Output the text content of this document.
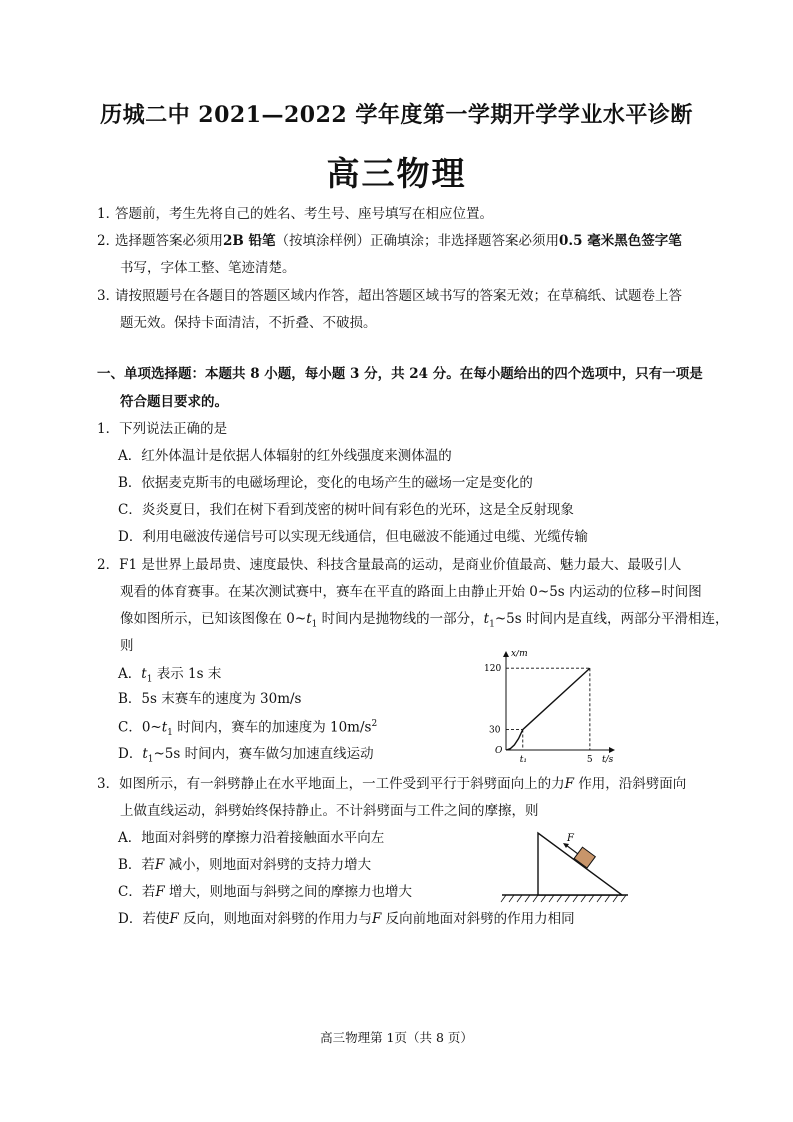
历城二中 2021—2022 学年度第一学期开学学业水平诊断
高三物理
1．答题前，考生先将自己的姓名、考生号、座号填写在相应位置。
2．选择题答案必须用2B 铅笔（按填涂样例）正确填涂；非选择题答案必须用0.5 毫米黑色签字笔
书写，字体工整、笔迹清楚。
3．请按照题号在各题目的答题区域内作答，超出答题区域书写的答案无效；在草稿纸、试题卷上答
题无效。保持卡面清洁，不折叠、不破损。
一、单项选择题：本题共 8 小题，每小题 3 分，共 24 分。在每小题给出的四个选项中，只有一项是
符合题目要求的。
1．下列说法正确的是
A．红外体温计是依据人体辐射的红外线强度来测体温的
B．依据麦克斯韦的电磁场理论，变化的电场产生的磁场一定是变化的
C．炎炎夏日，我们在树下看到茂密的树叶间有彩色的光环，这是全反射现象
D．利用电磁波传递信号可以实现无线通信，但电磁波不能通过电缆、光缆传输
2．F1 是世界上最昂贵、速度最快、科技含量最高的运动，是商业价值最高、魅力最大、最吸引人
观看的体育赛事。在某次测试赛中，赛车在平直的路面上由静止开始 0~5s 内运动的位移−时间图
像如图所示，已知该图像在 $0\sim t_1$ 时间内是抛物线的一部分，$t_1\sim 5s$ 时间内是直线，两部分平滑相连，
则
A．$t_1$ 表示 1s 末
B．5s 末赛车的速度为 30m/s
C．$0\sim t_1$ 时间内，赛车的加速度为 $10m/s^2$
D．$t_1\sim 5s$ 时间内，赛车做匀加速直线运动
x/m
t/s
O
120
30
t₁	5
3．如图所示，有一斜劈静止在水平地面上，一工件受到平行于斜劈面向上的力F 作用，沿斜劈面向
上做直线运动，斜劈始终保持静止。不计斜劈面与工件之间的摩擦，则
A．地面对斜劈的摩擦力沿着接触面水平向左
B．若F 减小，则地面对斜劈的支持力增大
C．若F 增大，则地面与斜劈之间的摩擦力也增大
D．若使F 反向，则地面对斜劈的作用力与F 反向前地面对斜劈的作用力相同
F
高三物理第 1页（共 8 页）
